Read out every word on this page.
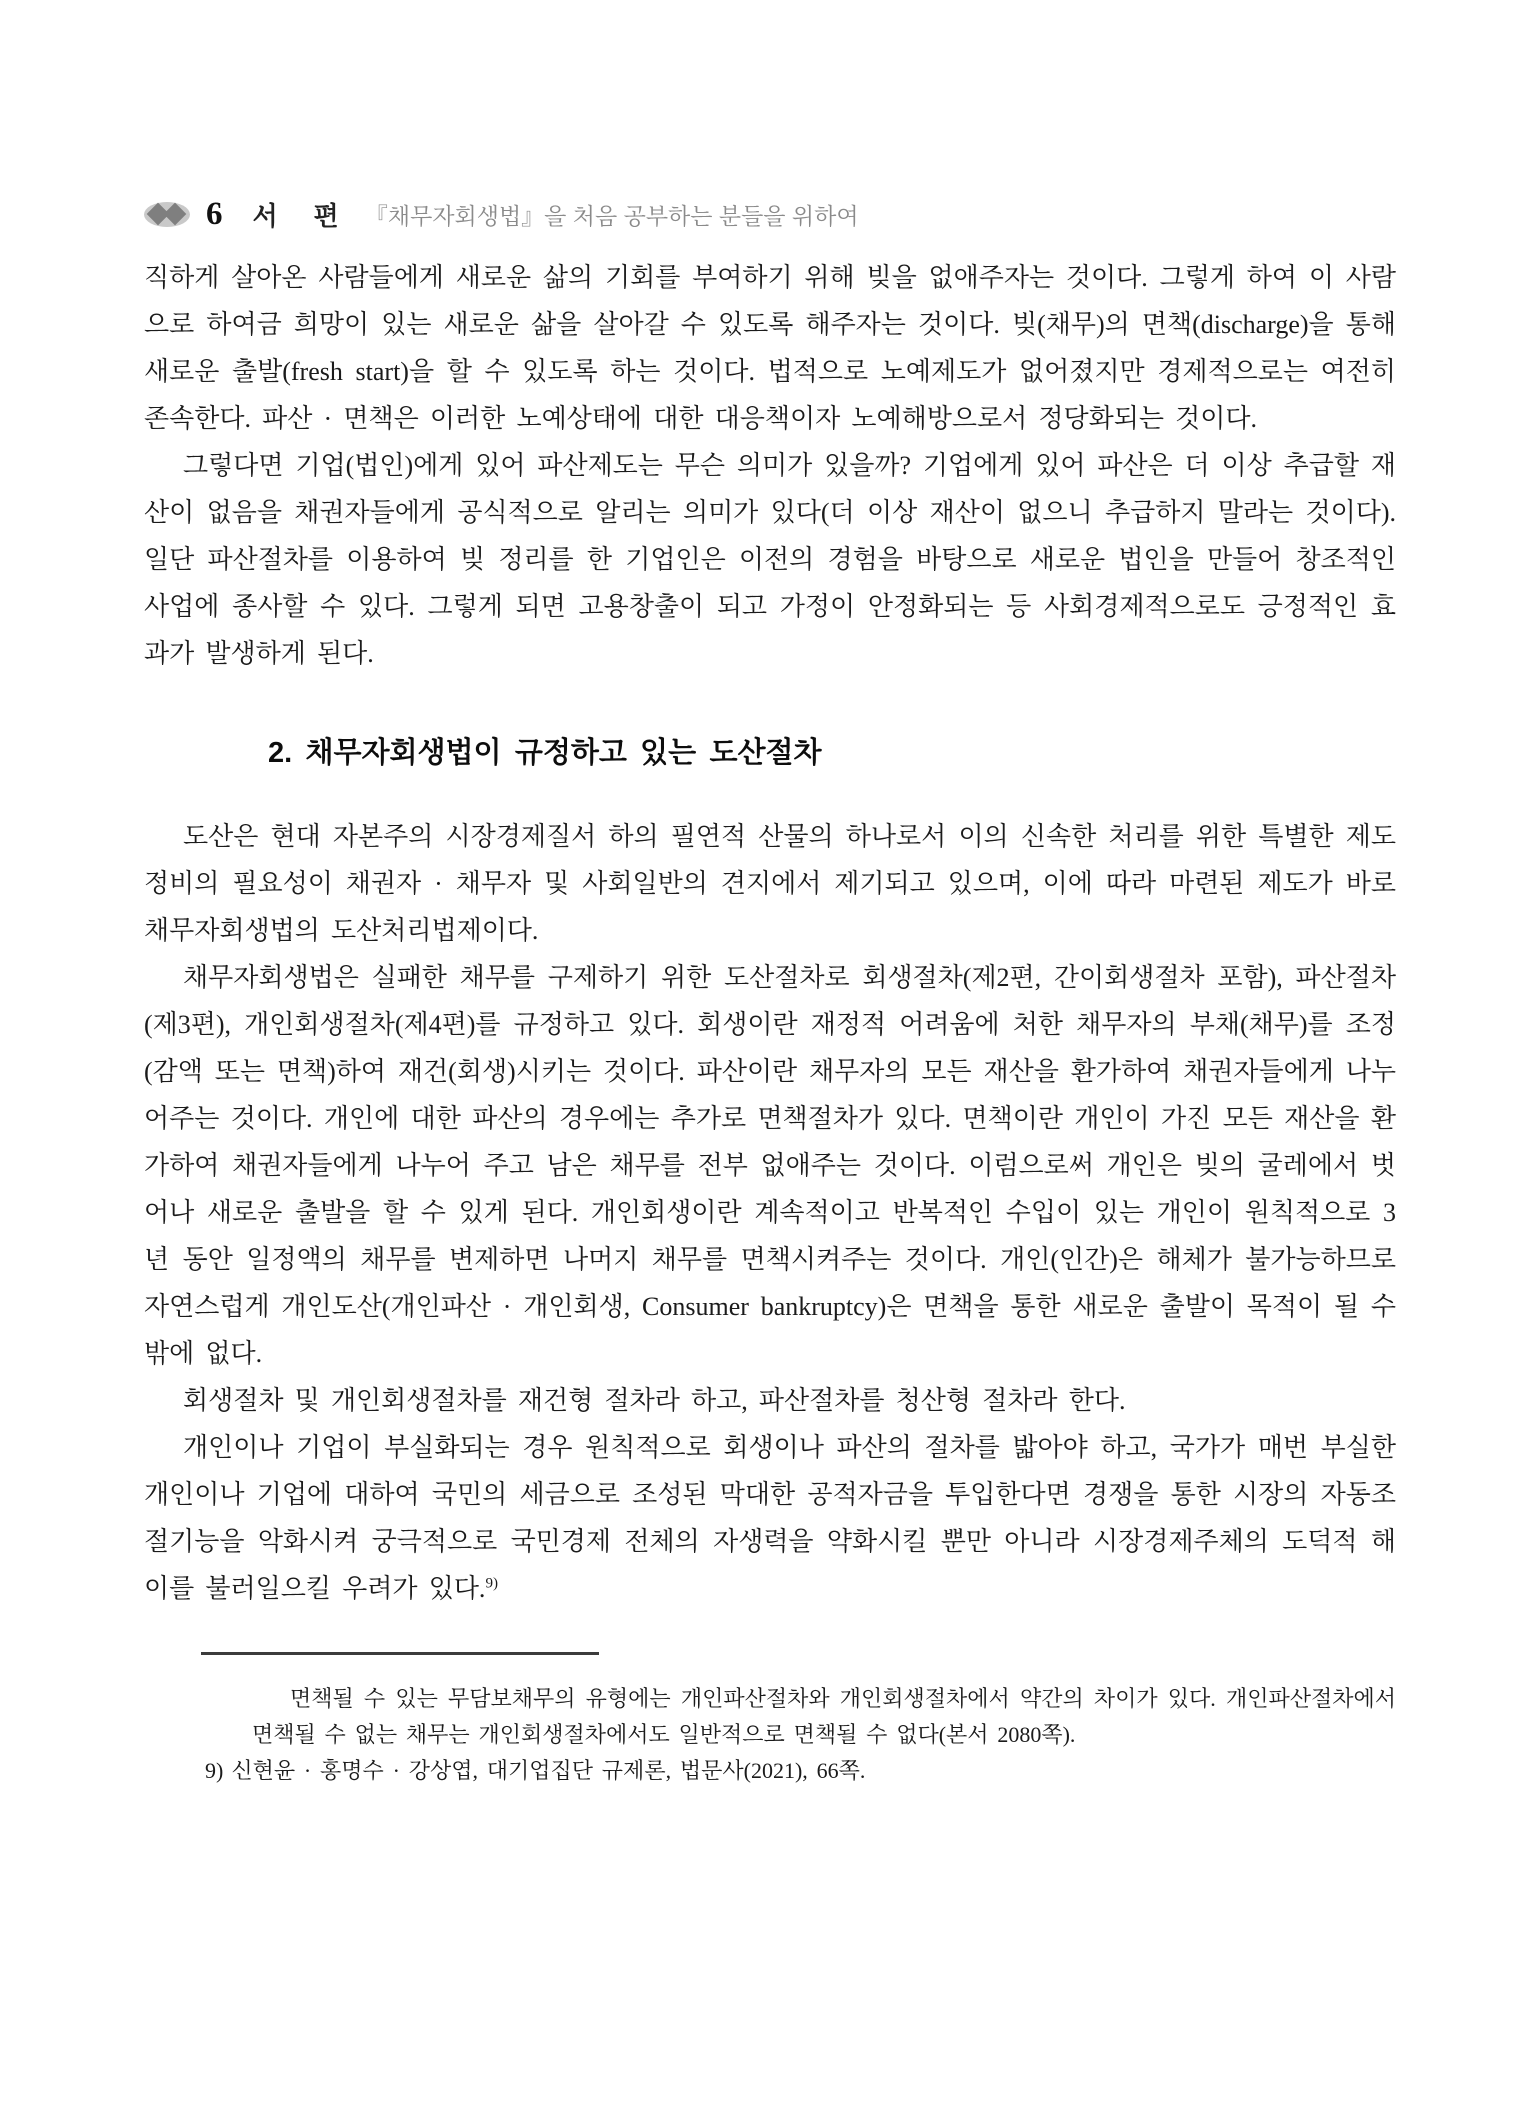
6 서 편 『채무자회생법』을 처음 공부하는 분들을 위하여

직하게 살아온 사람들에게 새로운 삶의 기회를 부여하기 위해 빚을 없애주자는 것이다. 그렇게 하여 이 사람으로 하여금 희망이 있는 새로운 삶을 살아갈 수 있도록 해주자는 것이다. 빚(채무)의 면책(discharge)을 통해 새로운 출발(fresh start)을 할 수 있도록 하는 것이다. 법적으로 노예제도가 없어졌지만 경제적으로는 여전히 존속한다. 파산 · 면책은 이러한 노예상태에 대한 대응책이자 노예해방으로서 정당화되는 것이다.

그렇다면 기업(법인)에게 있어 파산제도는 무슨 의미가 있을까? 기업에게 있어 파산은 더 이상 추급할 재산이 없음을 채권자들에게 공식적으로 알리는 의미가 있다(더 이상 재산이 없으니 추급하지 말라는 것이다). 일단 파산절차를 이용하여 빚 정리를 한 기업인은 이전의 경험을 바탕으로 새로운 법인을 만들어 창조적인 사업에 종사할 수 있다. 그렇게 되면 고용창출이 되고 가정이 안정화되는 등 사회경제적으로도 긍정적인 효과가 발생하게 된다.

2. 채무자회생법이 규정하고 있는 도산절차

도산은 현대 자본주의 시장경제질서 하의 필연적 산물의 하나로서 이의 신속한 처리를 위한 특별한 제도정비의 필요성이 채권자 · 채무자 및 사회일반의 견지에서 제기되고 있으며, 이에 따라 마련된 제도가 바로 채무자회생법의 도산처리법제이다.

채무자회생법은 실패한 채무를 구제하기 위한 도산절차로 회생절차(제2편, 간이회생절차 포함), 파산절차(제3편), 개인회생절차(제4편)를 규정하고 있다. 회생이란 재정적 어려움에 처한 채무자의 부채(채무)를 조정(감액 또는 면책)하여 재건(회생)시키는 것이다. 파산이란 채무자의 모든 재산을 환가하여 채권자들에게 나누어주는 것이다. 개인에 대한 파산의 경우에는 추가로 면책절차가 있다. 면책이란 개인이 가진 모든 재산을 환가하여 채권자들에게 나누어 주고 남은 채무를 전부 없애주는 것이다. 이럼으로써 개인은 빚의 굴레에서 벗어나 새로운 출발을 할 수 있게 된다. 개인회생이란 계속적이고 반복적인 수입이 있는 개인이 원칙적으로 3년 동안 일정액의 채무를 변제하면 나머지 채무를 면책시켜주는 것이다. 개인(인간)은 해체가 불가능하므로 자연스럽게 개인도산(개인파산 · 개인회생, Consumer bankruptcy)은 면책을 통한 새로운 출발이 목적이 될 수밖에 없다.

회생절차 및 개인회생절차를 재건형 절차라 하고, 파산절차를 청산형 절차라 한다.

개인이나 기업이 부실화되는 경우 원칙적으로 회생이나 파산의 절차를 밟아야 하고, 국가가 매번 부실한 개인이나 기업에 대하여 국민의 세금으로 조성된 막대한 공적자금을 투입한다면 경쟁을 통한 시장의 자동조절기능을 악화시켜 궁극적으로 국민경제 전체의 자생력을 약화시킬 뿐만 아니라 시장경제주체의 도덕적 해이를 불러일으킬 우려가 있다.$^{9)}$

면책될 수 있는 무담보채무의 유형에는 개인파산절차와 개인회생절차에서 약간의 차이가 있다. 개인파산절차에서 면책될 수 없는 채무는 개인회생절차에서도 일반적으로 면책될 수 없다(본서 2080쪽).

9) 신현윤 · 홍명수 · 강상엽, 대기업집단 규제론, 법문사(2021), 66쪽.
